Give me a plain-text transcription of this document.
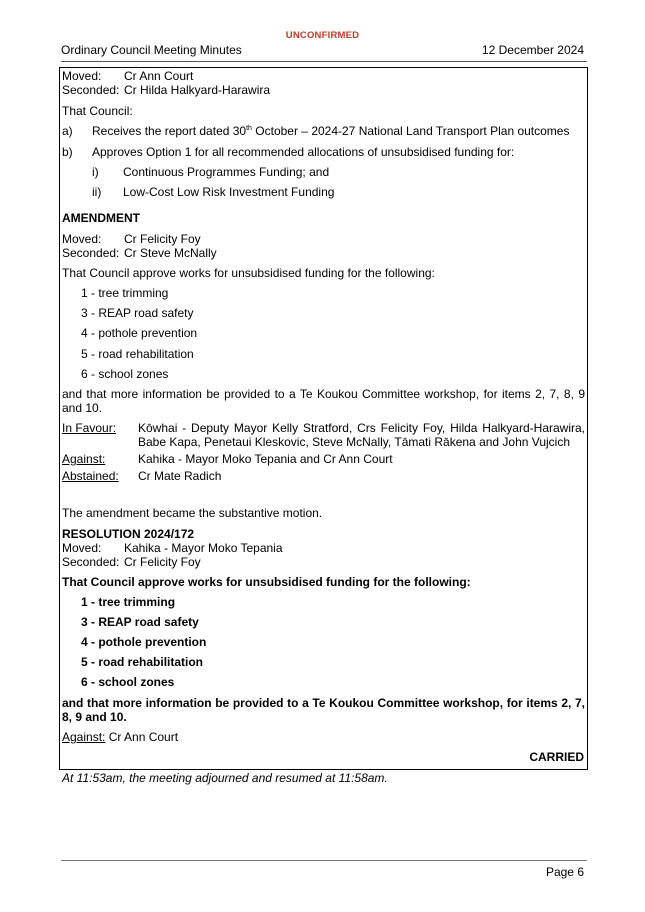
UNCONFIRMED
Ordinary Council Meeting Minutes	12 December 2024
Moved: Cr Ann Court
Seconded: Cr Hilda Halkyard-Harawira
That Council:
a) Receives the report dated 30th October – 2024-27 National Land Transport Plan outcomes
b) Approves Option 1 for all recommended allocations of unsubsidised funding for:
i) Continuous Programmes Funding; and
ii) Low-Cost Low Risk Investment Funding
AMENDMENT
Moved: Cr Felicity Foy
Seconded: Cr Steve McNally
That Council approve works for unsubsidised funding for the following:
1 - tree trimming
3 - REAP road safety
4 - pothole prevention
5 - road rehabilitation
6 - school zones
and that more information be provided to a Te Koukou Committee workshop, for items 2, 7, 8, 9 and 10.
In Favour: Kōwhai - Deputy Mayor Kelly Stratford, Crs Felicity Foy, Hilda Halkyard-Harawira, Babe Kapa, Penetaui Kleskovic, Steve McNally, Tāmati Rākena and John Vujcich
Against:	Kahika - Mayor Moko Tepania and Cr Ann Court
Abstained: Cr Mate Radich
The amendment became the substantive motion.
RESOLUTION 2024/172
Moved: Kahika - Mayor Moko Tepania
Seconded: Cr Felicity Foy
That Council approve works for unsubsidised funding for the following:
1 - tree trimming
3 - REAP road safety
4 - pothole prevention
5 - road rehabilitation
6 - school zones
and that more information be provided to a Te Koukou Committee workshop, for items 2, 7, 8, 9 and 10.
Against: Cr Ann Court
CARRIED
At 11:53am, the meeting adjourned and resumed at 11:58am.
Page 6
